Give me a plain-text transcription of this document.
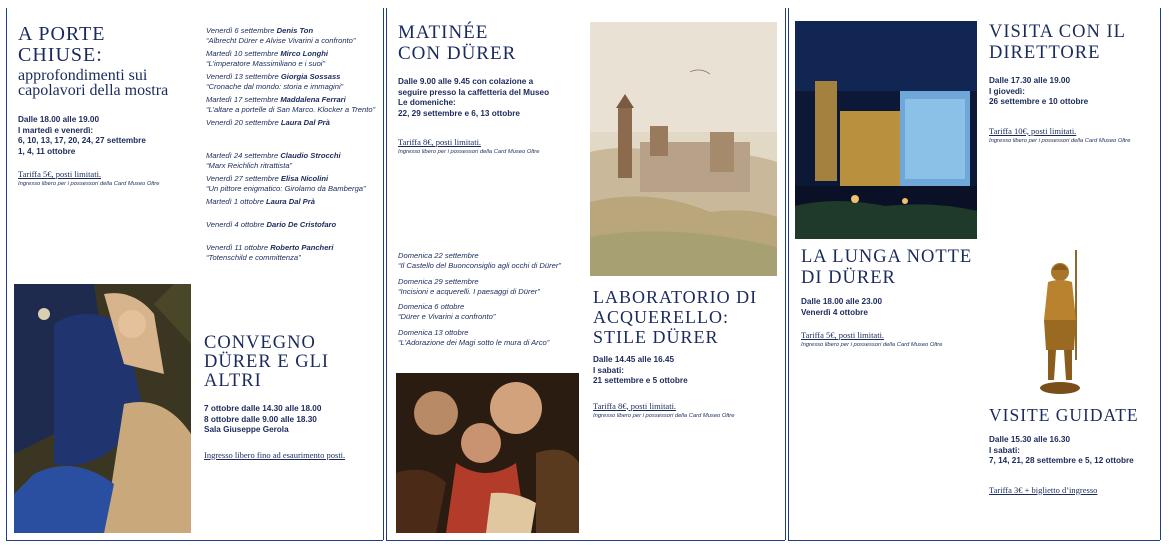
A PORTE CHIUSE:
approfondimenti sui capolavori della mostra
Dalle 18.00 alle 19.00
I martedì e venerdì:
6, 10, 13, 17, 20, 24, 27 settembre
1, 4, 11 ottobre
Tariffa 5€, posti limitati.
Ingresso libero per i possessori della Card Museo Oltre
Venerdì 6 settembre Denis Ton
“Albrecht Dürer e Alvise Vivarini a confronto”
Martedì 10 settembre Mirco Longhi
“L’imperatore Massimiliano e i suoi”
Venerdì 13 settembre Giorgia Sossass
“Cronache dal mondo: storia e immagini”
Martedì 17 settembre Maddalena Ferrari
“L’altare a portelle di San Marco. Klocker a Trento”
Venerdì 20 settembre Laura Dal Prà
Martedì 24 settembre Claudio Strocchi
“Marx Reichlich ritrattista”
Venerdì 27 settembre Elisa Nicolini
“Un pittore enigmatico: Girolamo da Bamberga”
Martedì 1 ottobre Laura Dal Prà
Venerdì 4 ottobre Dario De Cristofaro
Venerdì 11 ottobre Roberto Pancheri
“Totenschild e committenza”
CONVEGNO
DÜRER E GLI ALTRI
7 ottobre dalle 14.30 alle 18.00
8 ottobre dalle 9.00 alle 18.30
Sala Giuseppe Gerola
Ingresso libero fino ad esaurimento posti.
MATINÉE
CON DÜRER
Dalle 9.00 alle 9.45 con colazione a
seguire presso la caffetteria del Museo
Le domeniche:
22, 29 settembre e 6, 13 ottobre
Tariffa 8€, posti limitati.
Ingresso libero per i possessori della Card Museo Oltre
Domenica 22 settembre
“Il Castello del Buonconsiglio agli occhi di Dürer”
Domenica 29 settembre
“Incisioni e acquerelli. I paesaggi di Dürer”
Domenica 6 ottobre
“Dürer e Vivarini a confronto”
Domenica 13 ottobre
“L’Adorazione dei Magi sotto le mura di Arco”
LABORATORIO DI
ACQUERELLO:
STILE DÜRER
Dalle 14.45 alle 16.45
I sabati:
21 settembre e 5 ottobre
Tariffa 8€, posti limitati.
Ingresso libero per i possessori della Card Museo Oltre
VISITA CON IL
DIRETTORE
Dalle 17.30 alle 19.00
I giovedì:
26 settembre e 10 ottobre
Tariffa 10€, posti limitati.
Ingresso libero per i possessori della Card Museo Oltre
LA LUNGA NOTTE
DI DÜRER
Dalle 18.00 alle 23.00
Venerdì 4 ottobre
Tariffa 5€, posti limitati.
Ingresso libero per i possessori della Card Museo Oltre
VISITE GUIDATE
Dalle 15.30 alle 16.30
I sabati:
7, 14, 21, 28 settembre e 5, 12 ottobre
Tariffa 3€ + biglietto d’ingresso
